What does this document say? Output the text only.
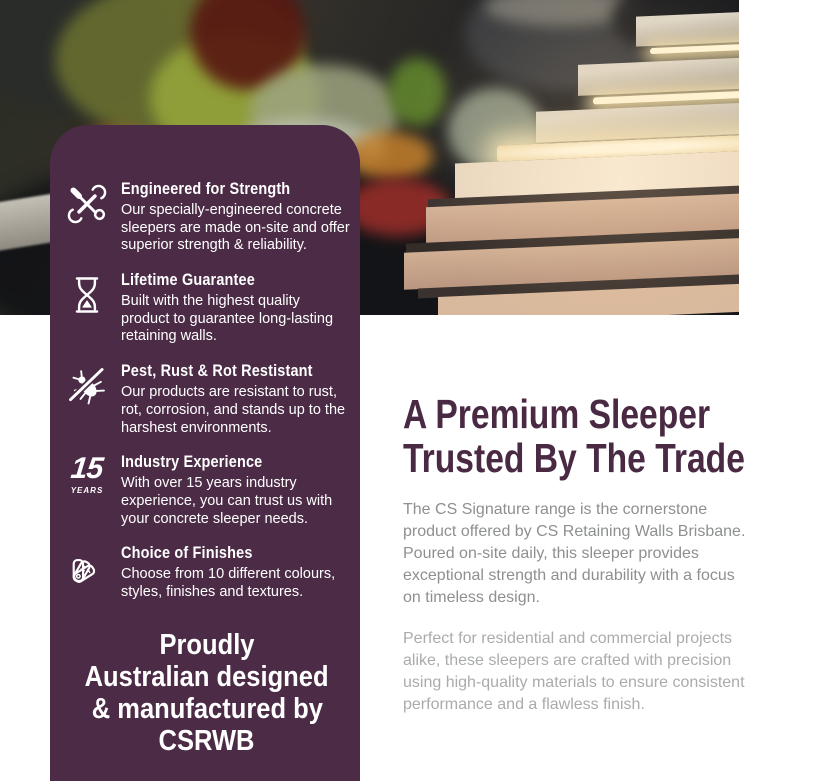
Engineered for Strength
Our specially-engineered concrete sleepers are made on-site and offer superior strength & reliability.
Lifetime Guarantee
Built with the highest quality product to guarantee long-lasting retaining walls.
Pest, Rust & Rot Restistant
Our products are resistant to rust, rot, corrosion, and stands up to the harshest environments.
15
YEARS
Industry Experience
With over 15 years industry experience, you can trust us with your concrete sleeper needs.
Choice of Finishes
Choose from 10 different colours, styles, finishes and textures.
Proudly
Australian designed
& manufactured by
CSRWB
A Premium Sleeper
Trusted By The Trade

The CS Signature range is the cornerstone product offered by CS Retaining Walls Brisbane. Poured on-site daily, this sleeper provides exceptional strength and durability with a focus on timeless design.

Perfect for residential and commercial projects alike, these sleepers are crafted with precision using high-quality materials to ensure consistent performance and a flawless finish.
